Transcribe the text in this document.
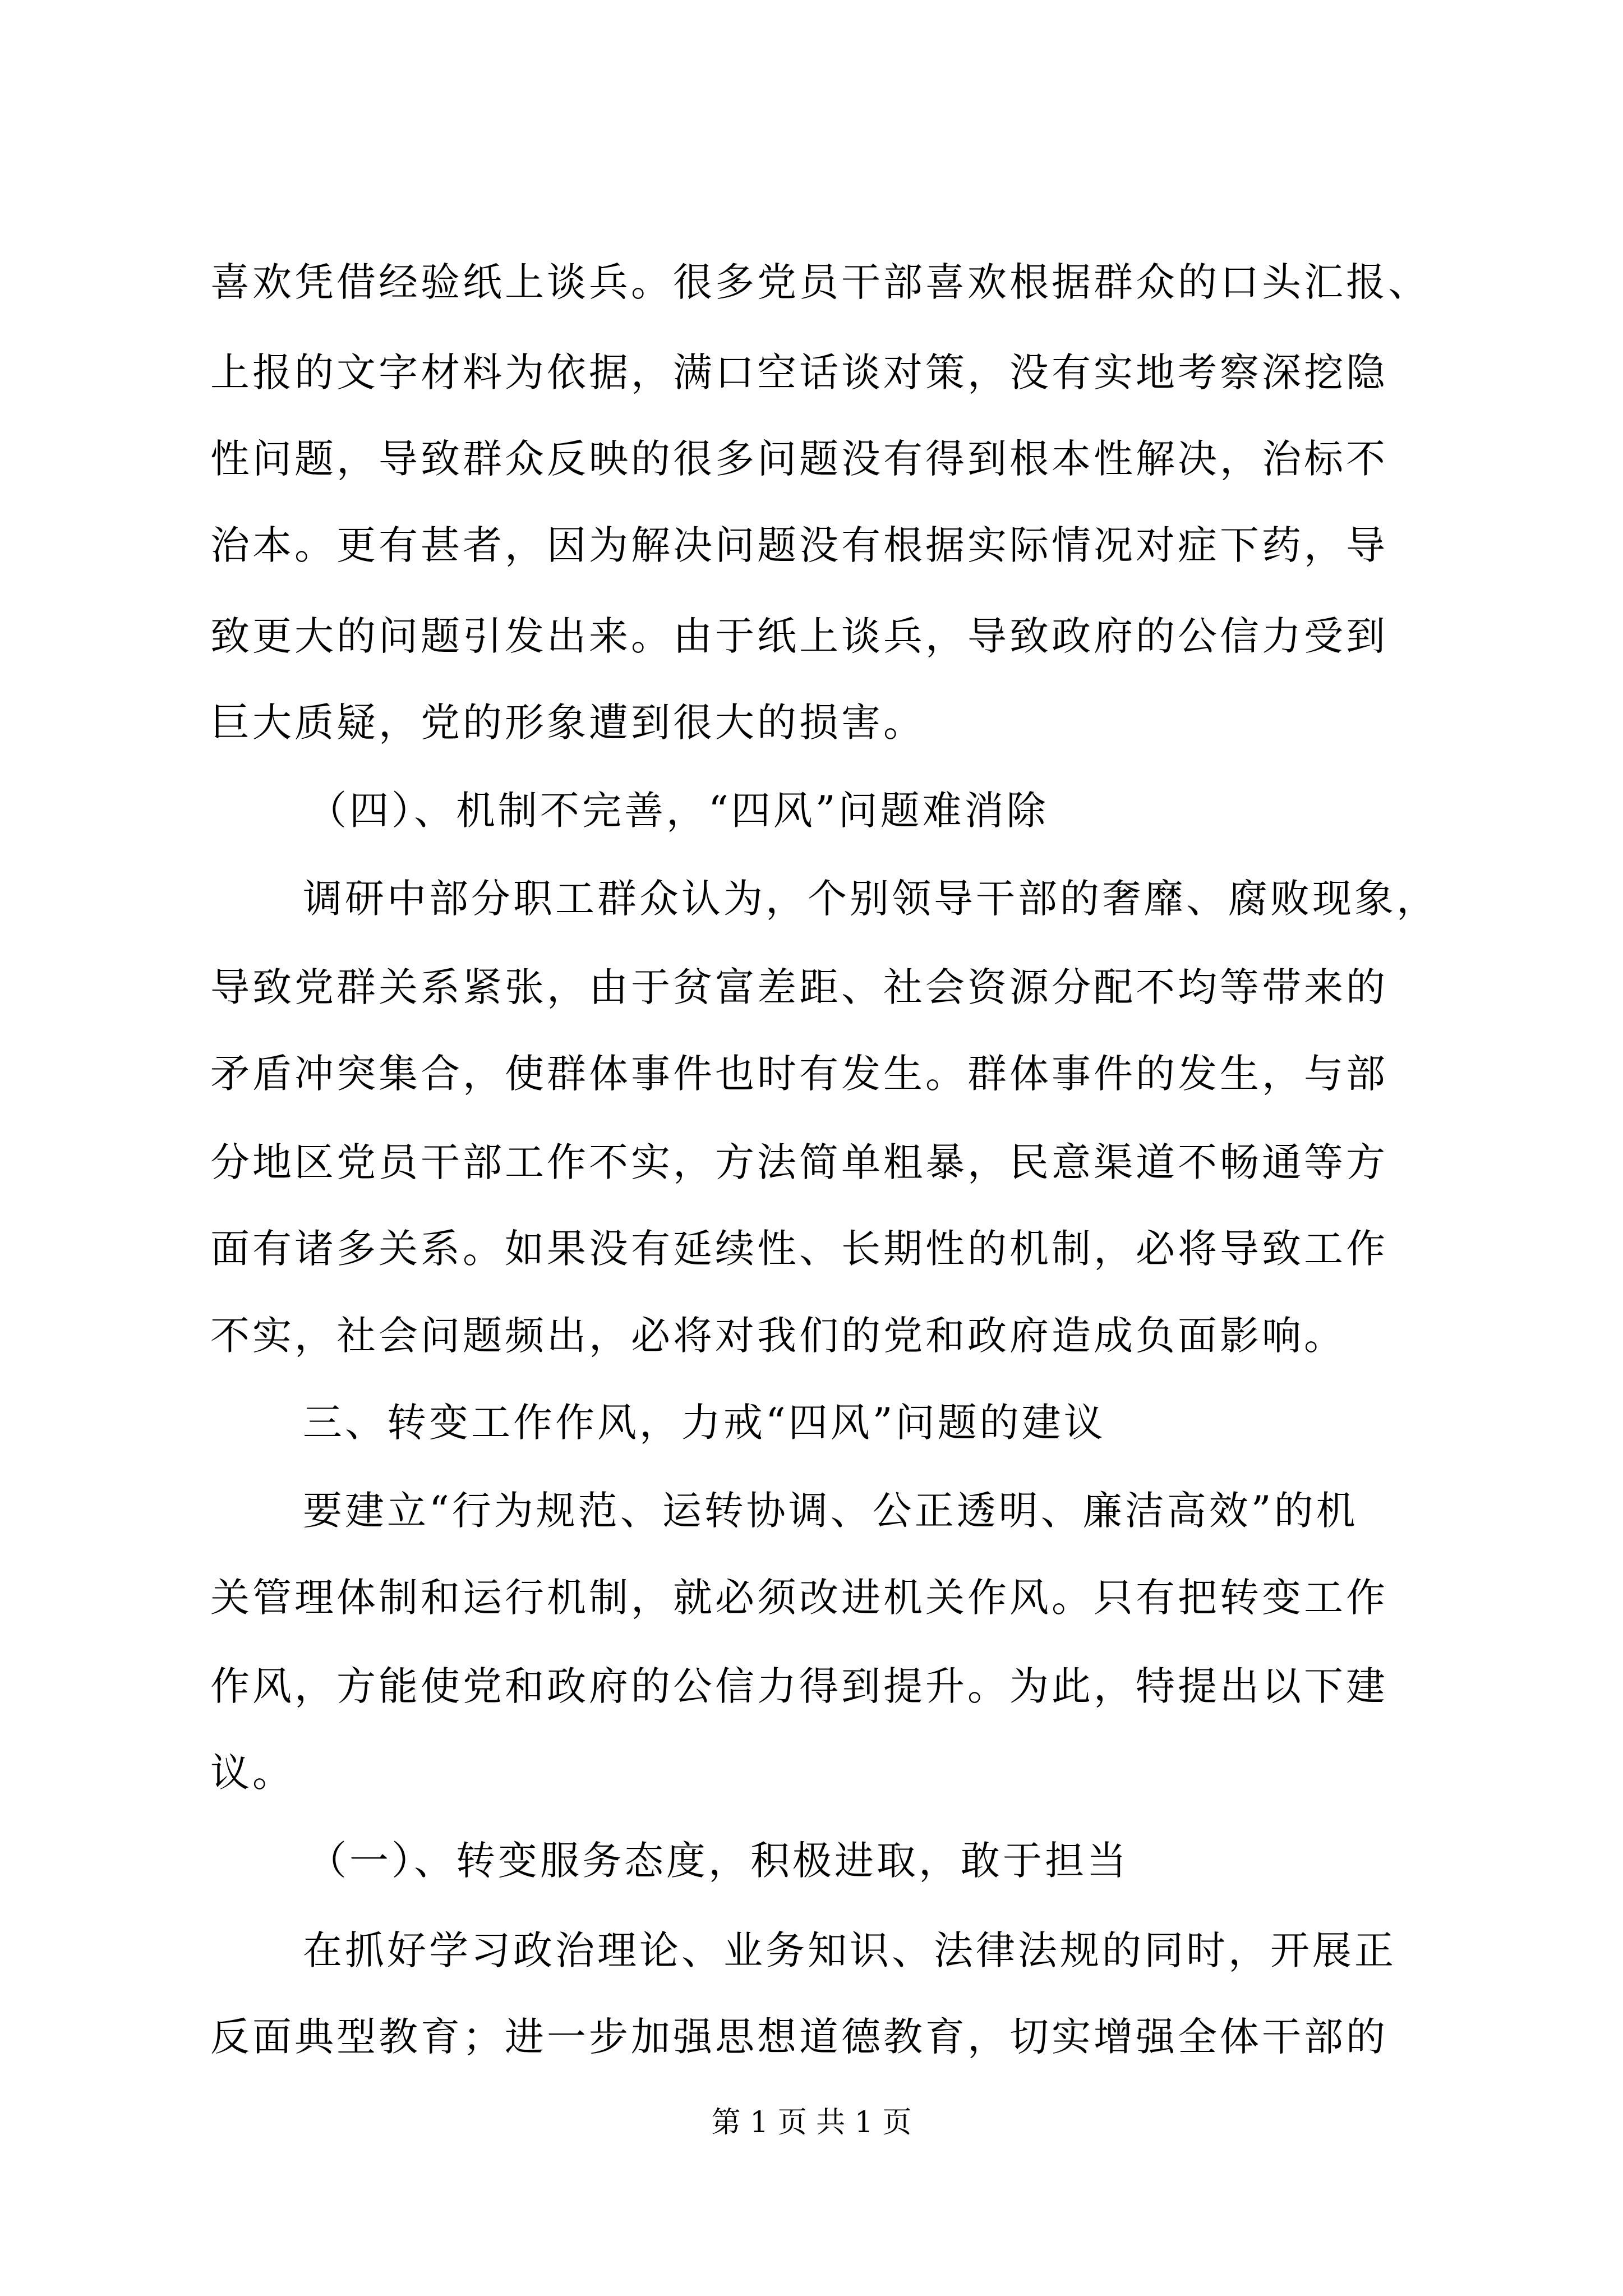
喜欢凭借经验纸上谈兵。很多党员干部喜欢根据群众的口头汇报、
上报的文字材料为依据，满口空话谈对策，没有实地考察深挖隐
性问题，导致群众反映的很多问题没有得到根本性解决，治标不
治本。更有甚者，因为解决问题没有根据实际情况对症下药，导
致更大的问题引发出来。由于纸上谈兵，导致政府的公信力受到
巨大质疑，党的形象遭到很大的损害。
（四）、机制不完善，“四风”问题难消除
调研中部分职工群众认为，个别领导干部的奢靡、腐败现象，
导致党群关系紧张，由于贫富差距、社会资源分配不均等带来的
矛盾冲突集合，使群体事件也时有发生。群体事件的发生，与部
分地区党员干部工作不实，方法简单粗暴，民意渠道不畅通等方
面有诸多关系。如果没有延续性、长期性的机制，必将导致工作
不实，社会问题频出，必将对我们的党和政府造成负面影响。
三、转变工作作风，力戒“四风”问题的建议
要建立“行为规范、运转协调、公正透明、廉洁高效”的机
关管理体制和运行机制，就必须改进机关作风。只有把转变工作
作风，方能使党和政府的公信力得到提升。为此，特提出以下建
议。
（一）、转变服务态度，积极进取，敢于担当
在抓好学习政治理论、业务知识、法律法规的同时，开展正
反面典型教育；进一步加强思想道德教育，切实增强全体干部的
第 1 页 共 1 页
